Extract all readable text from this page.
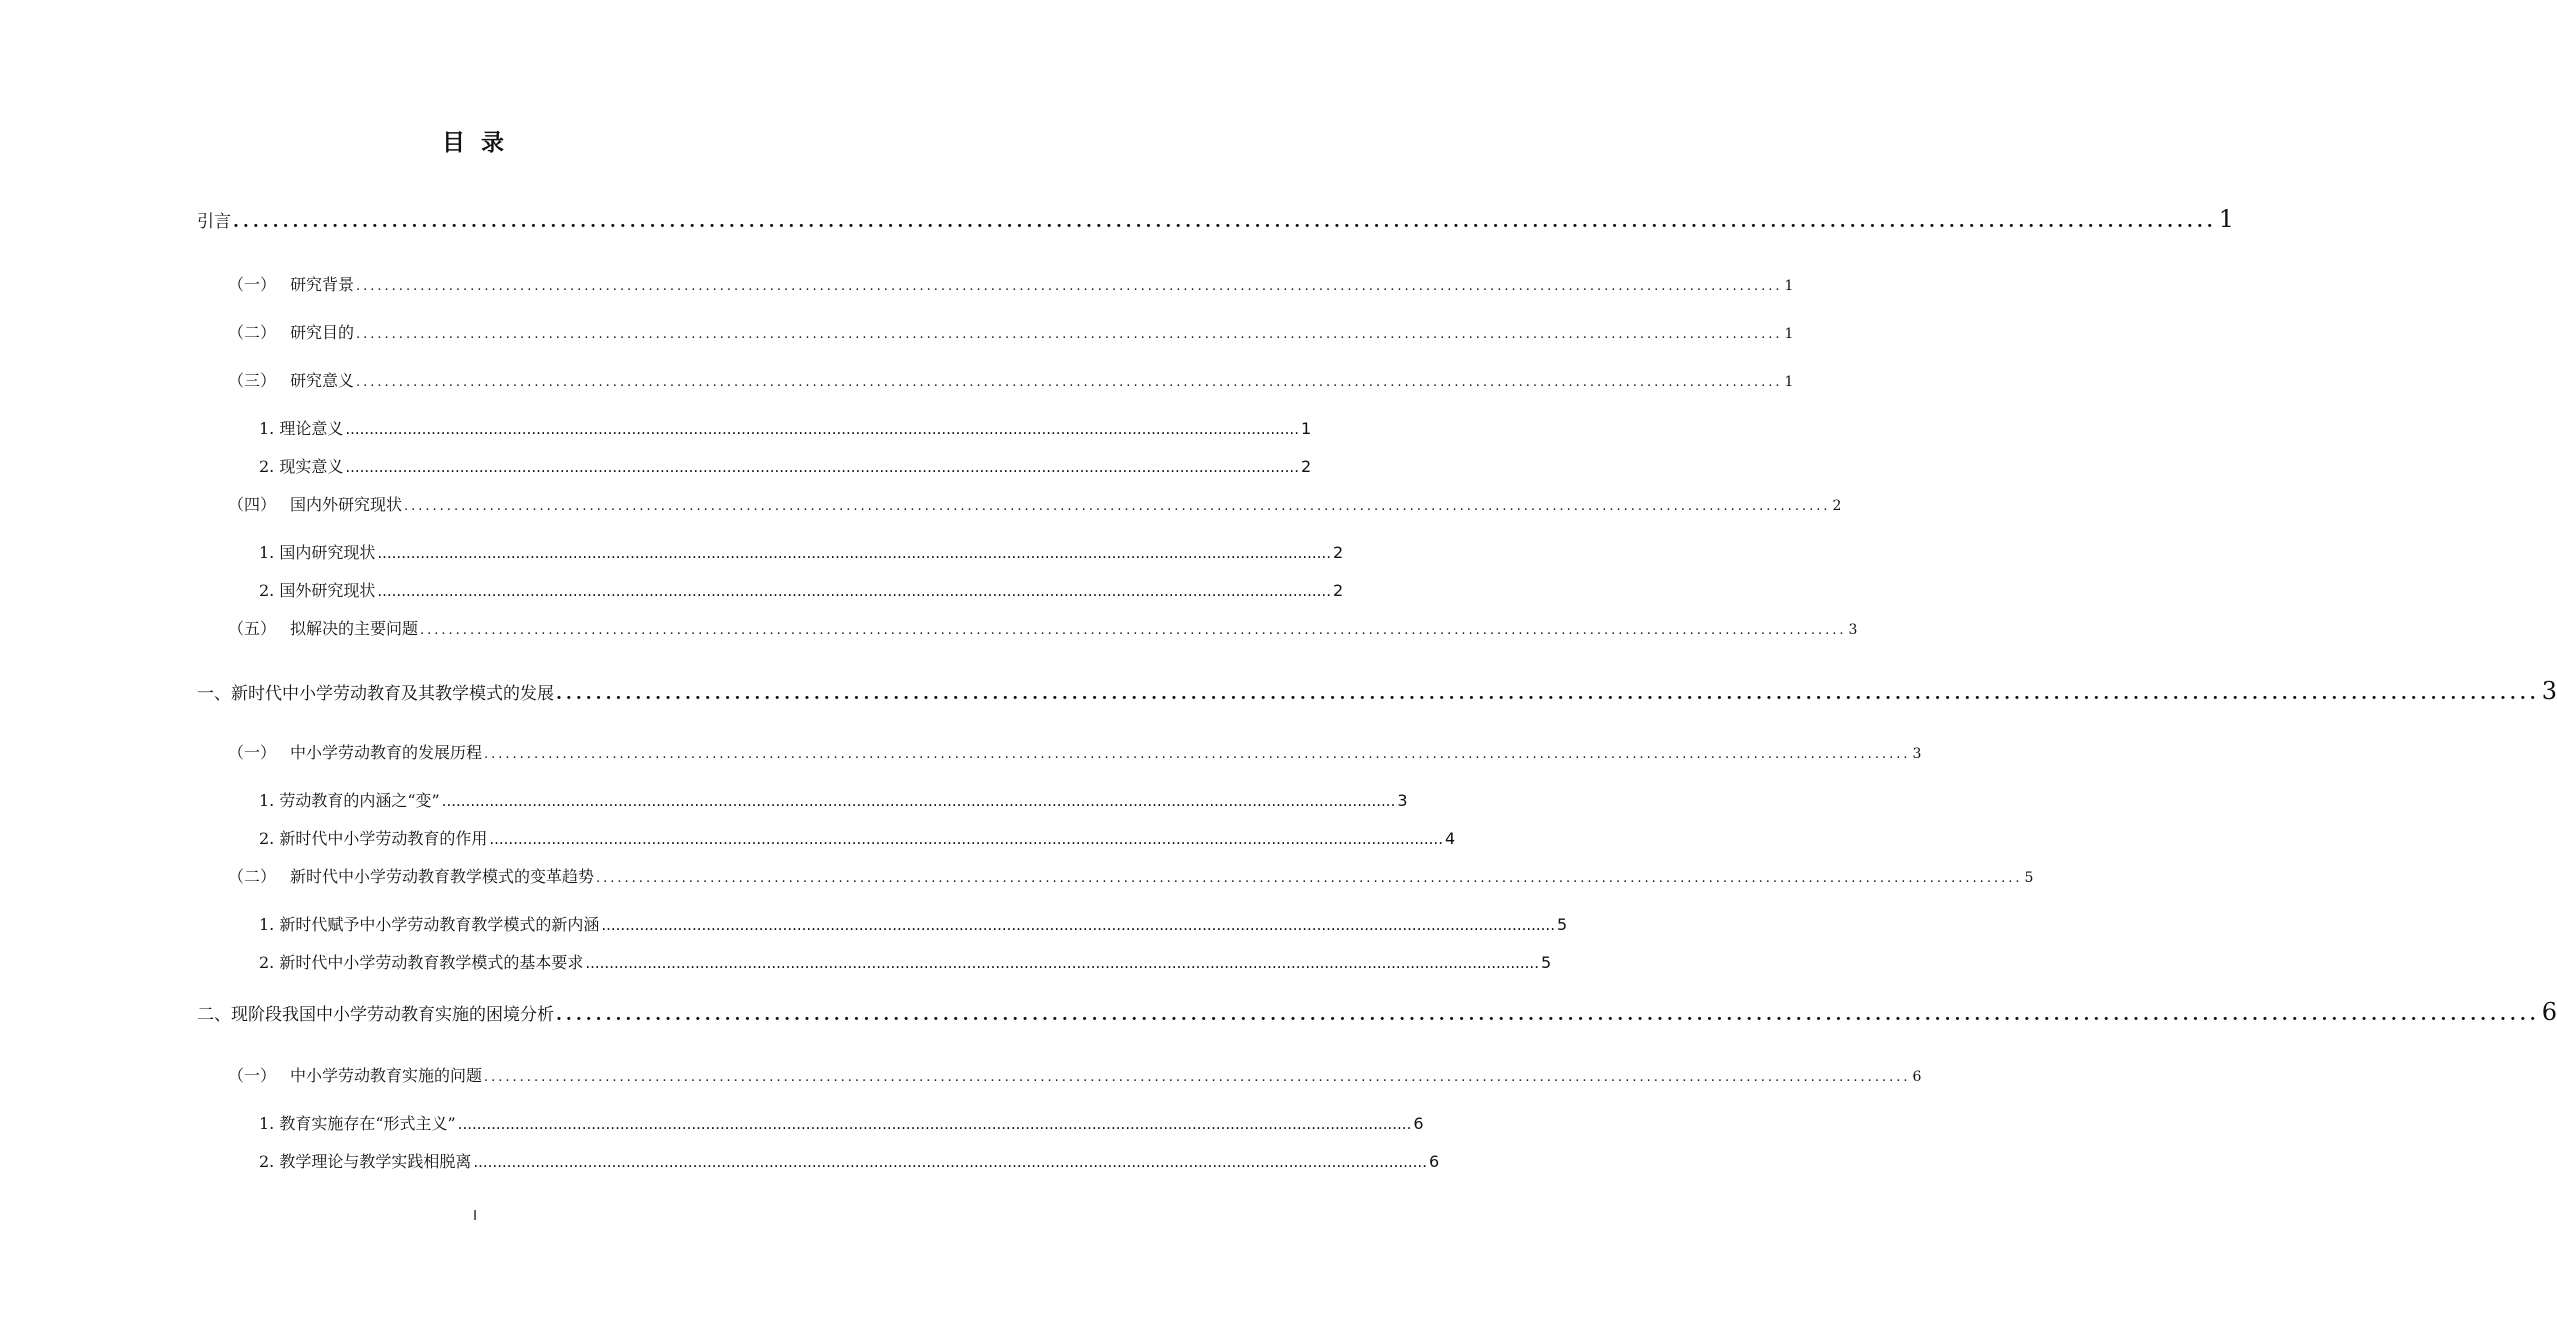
目 录
引言 ........................................................................................................................................................................................................ 1
（一） 研究背景 ........................................................................................................................................................................................................ 1
（二） 研究目的 ........................................................................................................................................................................................................ 1
（三） 研究意义 ........................................................................................................................................................................................................ 1
1. 理论意义 ........................................................................................................................................................................................................ 1
2. 现实意义 ........................................................................................................................................................................................................ 2
（四） 国内外研究现状 ........................................................................................................................................................................................................ 2
1. 国内研究现状 ........................................................................................................................................................................................................ 2
2. 国外研究现状 ........................................................................................................................................................................................................ 2
（五） 拟解决的主要问题 ........................................................................................................................................................................................................ 3
一、新时代中小学劳动教育及其教学模式的发展 ........................................................................................................................................................................................................ 3
（一） 中小学劳动教育的发展历程 ........................................................................................................................................................................................................ 3
1. 劳动教育的内涵之“变” ........................................................................................................................................................................................................ 3
2. 新时代中小学劳动教育的作用 ........................................................................................................................................................................................................ 4
（二） 新时代中小学劳动教育教学模式的变革趋势 ........................................................................................................................................................................................................ 5
1. 新时代赋予中小学劳动教育教学模式的新内涵 ........................................................................................................................................................................................................ 5
2. 新时代中小学劳动教育教学模式的基本要求 ........................................................................................................................................................................................................ 5
二、现阶段我国中小学劳动教育实施的困境分析 ........................................................................................................................................................................................................ 6
（一） 中小学劳动教育实施的问题 ........................................................................................................................................................................................................ 6
1. 教育实施存在“形式主义” ........................................................................................................................................................................................................ 6
2. 教学理论与教学实践相脱离 ........................................................................................................................................................................................................ 6
I
